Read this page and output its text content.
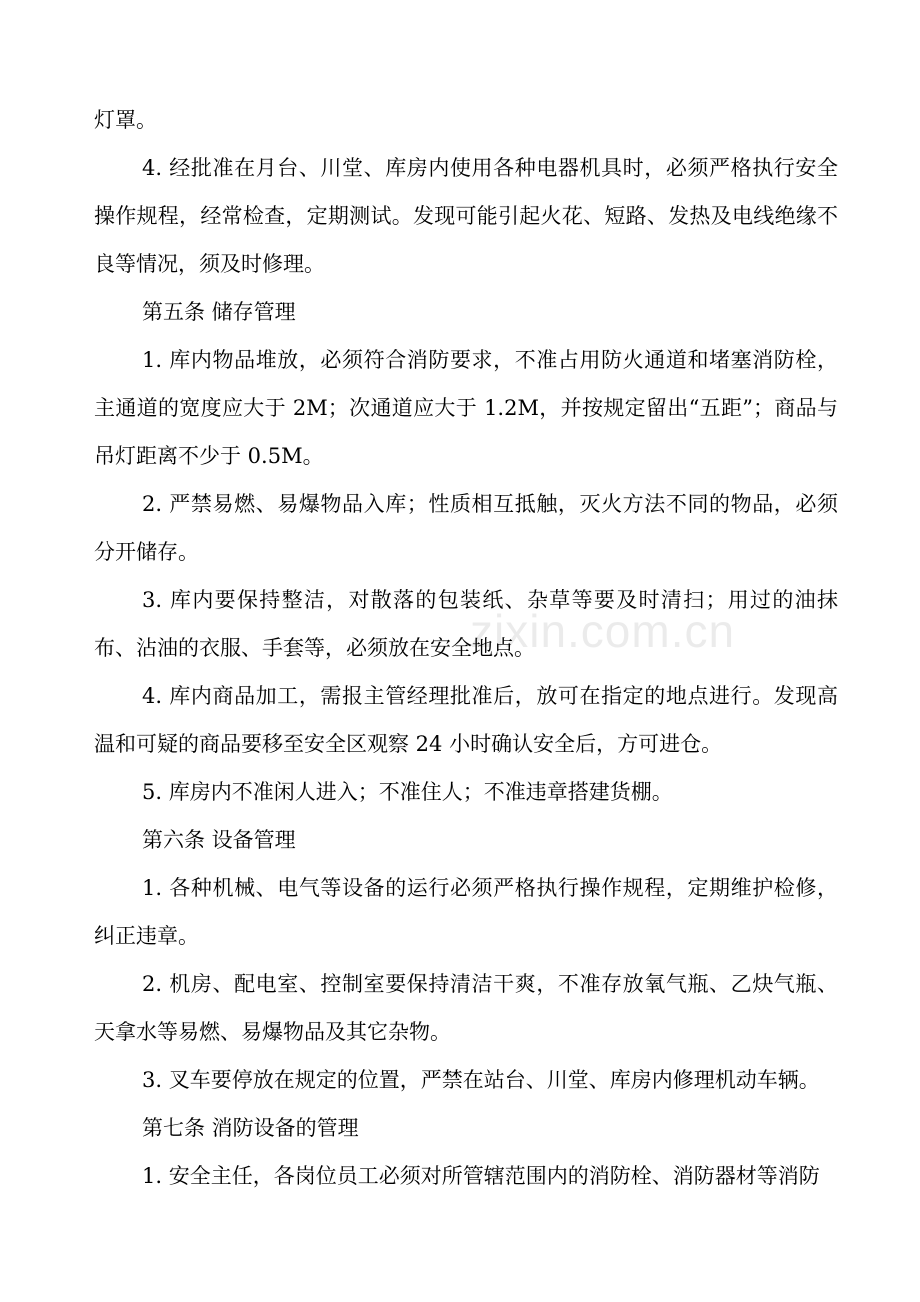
灯罩。

4. 经批准在月台、川堂、库房内使用各种电器机具时，必须严格执行安全操作规程，经常检查，定期测试。发现可能引起火花、短路、发热及电线绝缘不良等情况，须及时修理。

第五条 储存管理

1. 库内物品堆放，必须符合消防要求，不准占用防火通道和堵塞消防栓，主通道的宽度应大于 2M；次通道应大于 1.2M，并按规定留出“五距”；商品与吊灯距离不少于 0.5M。

2. 严禁易燃、易爆物品入库；性质相互抵触，灭火方法不同的物品，必须分开储存。

3. 库内要保持整洁，对散落的包装纸、杂草等要及时清扫；用过的油抹布、沾油的衣服、手套等，必须放在安全地点。

4. 库内商品加工，需报主管经理批准后，放可在指定的地点进行。发现高温和可疑的商品要移至安全区观察 24 小时确认安全后，方可进仓。

5. 库房内不准闲人进入；不准住人；不准违章搭建货棚。

第六条 设备管理

1. 各种机械、电气等设备的运行必须严格执行操作规程，定期维护检修，纠正违章。

2. 机房、配电室、控制室要保持清洁干爽，不准存放氧气瓶、乙炔气瓶、天拿水等易燃、易爆物品及其它杂物。

3. 叉车要停放在规定的位置，严禁在站台、川堂、库房内修理机动车辆。

第七条 消防设备的管理

1. 安全主任，各岗位员工必须对所管辖范围内的消防栓、消防器材等消防

zixin.com.cn
